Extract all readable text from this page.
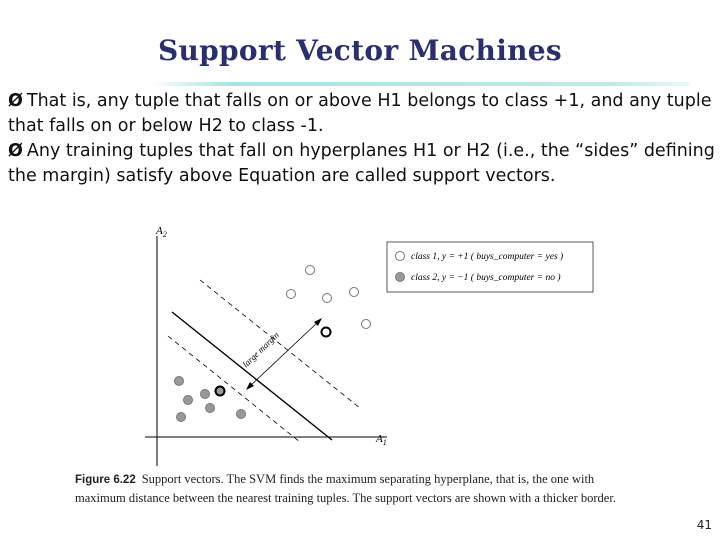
Support Vector Machines

Ø That is, any tuple that falls on or above H1 belongs to class +1, and any tuple that falls on or below H2 to class -1.

Ø Any training tuples that fall on hyperplanes H1 or H2 (i.e., the “sides” defining the margin) satisfy above Equation are called support vectors.

$A_2$
$A_1$
large margin
class 1, y = +1 ( buys_computer = yes )
class 2, y = −1 ( buys_computer = no )
Figure 6.22 Support vectors. The SVM finds the maximum separating hyperplane, that is, the one with maximum distance between the nearest training tuples. The support vectors are shown with a thicker border.
41
